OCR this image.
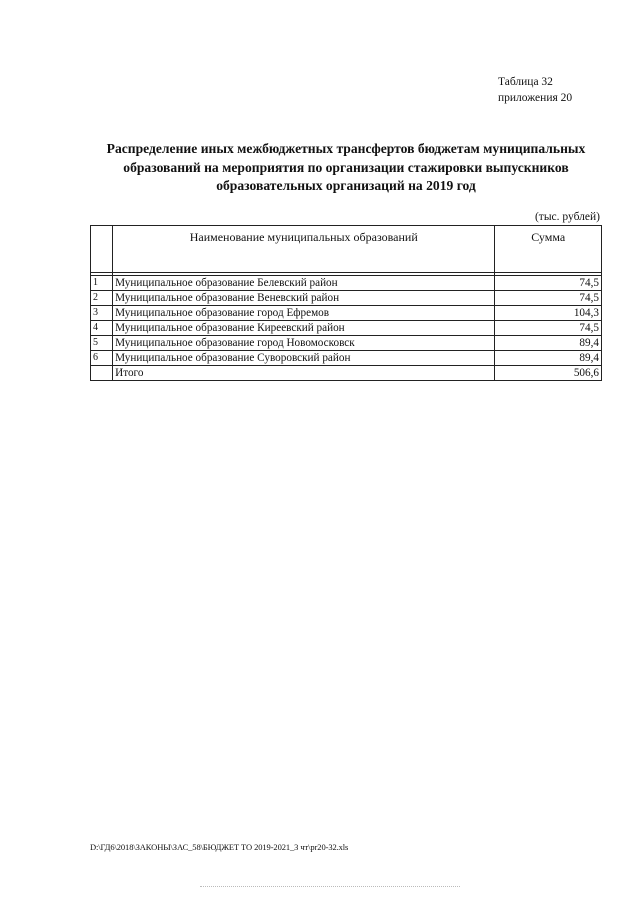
Таблица 32
приложения 20
Распределение иных межбюджетных трансфертов бюджетам муниципальных образований на мероприятия по организации стажировки выпускников образовательных организаций на 2019 год
(тыс. рублей)
	Наименование муниципальных образований	Сумма

1	Муниципальное образование Белевский район	74,5
2	Муниципальное образование Веневский район	74,5
3	Муниципальное образование город Ефремов	104,3
4	Муниципальное образование Киреевский район	74,5
5	Муниципальное образование город Новомосковск	89,4
6	Муниципальное образование Суворовский район	89,4
	Итого	506,6
D:\ГД6\2018\ЗАКОНЫ\ЗАС_58\БЮДЖЕТ ТО 2019-2021_3 чт\pr20-32.xls
